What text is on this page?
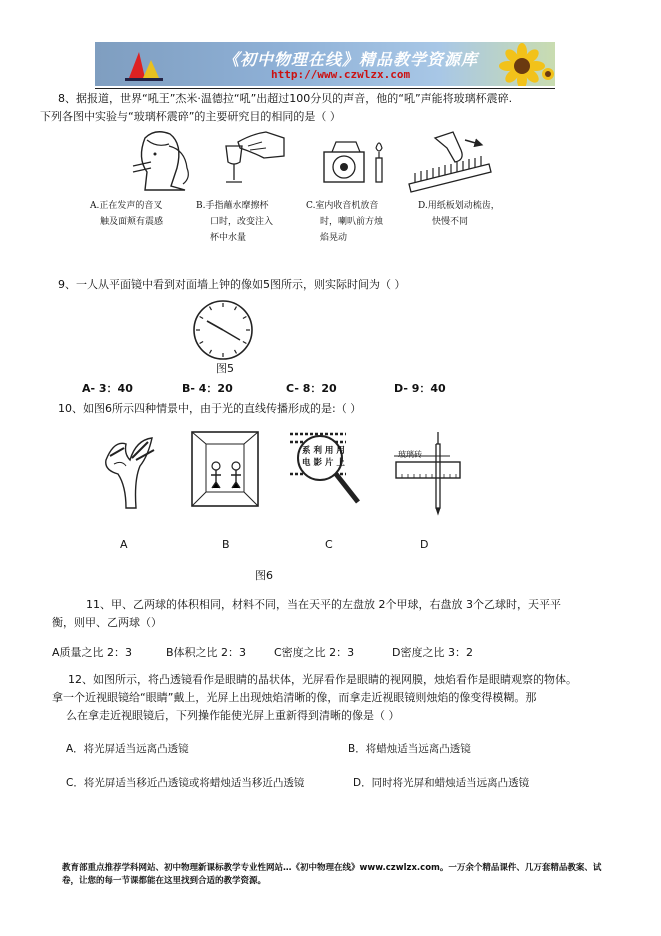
《初中物理在线》精品教学资源库
http://www.czwlzx.com
8、据报道，世界“吼王”杰米·温德拉“吼”出超过100分贝的声音，他的“吼”声能将玻璃杯震碎.
下列各图中实验与“玻璃杯震碎”的主要研究目的相同的是（ ）
A.正在发声的音叉
触及面颊有震感
B.手指蘸水摩擦杯
口时，改变注入
杯中水量
C.室内收音机放音
时，喇叭前方烛
焰晃动
D.用纸板划动梳齿，
快慢不同
9、一人从平面镜中看到对面墙上钟的像如5图所示，则实际时间为（ ）
图5
A- 3：40	B- 4：20	C- 8：20	D- 9：40
10、如图6所示四种情景中，由于光的直线传播形成的是:（ ）
系 利 用 用
电 影 片 上
玻璃砖
A	B	C	D
图6
11、甲、乙两球的体积相同，材料不同，当在天平的左盘放 2个甲球，右盘放 3个乙球时，天平平
衡，则甲、乙两球（）
A质量之比 2：3	B体积之比 2：3	C密度之比 2：3	D密度之比 3：2
12、如图所示，将凸透镜看作是眼睛的晶状体，光屏看作是眼睛的视网膜，烛焰看作是眼睛观察的物体。
拿一个近视眼镜给“眼睛”戴上，光屏上出现烛焰清晰的像，而拿走近视眼镜则烛焰的像变得模糊。那
么在拿走近视眼镜后，下列操作能使光屏上重新得到清晰的像是（ ）
A．将光屏适当远离凸透镜	B．将蜡烛适当远离凸透镜
C．将光屏适当移近凸透镜或将蜡烛适当移近凸透镜	D．同时将光屏和蜡烛适当远离凸透镜
教育部重点推荐学科网站、初中物理新课标教学专业性网站…《初中物理在线》www.czwlzx.com。一万余个精品课件、几万套精品教案、试卷，让您的每一节课都能在这里找到合适的教学资源。
